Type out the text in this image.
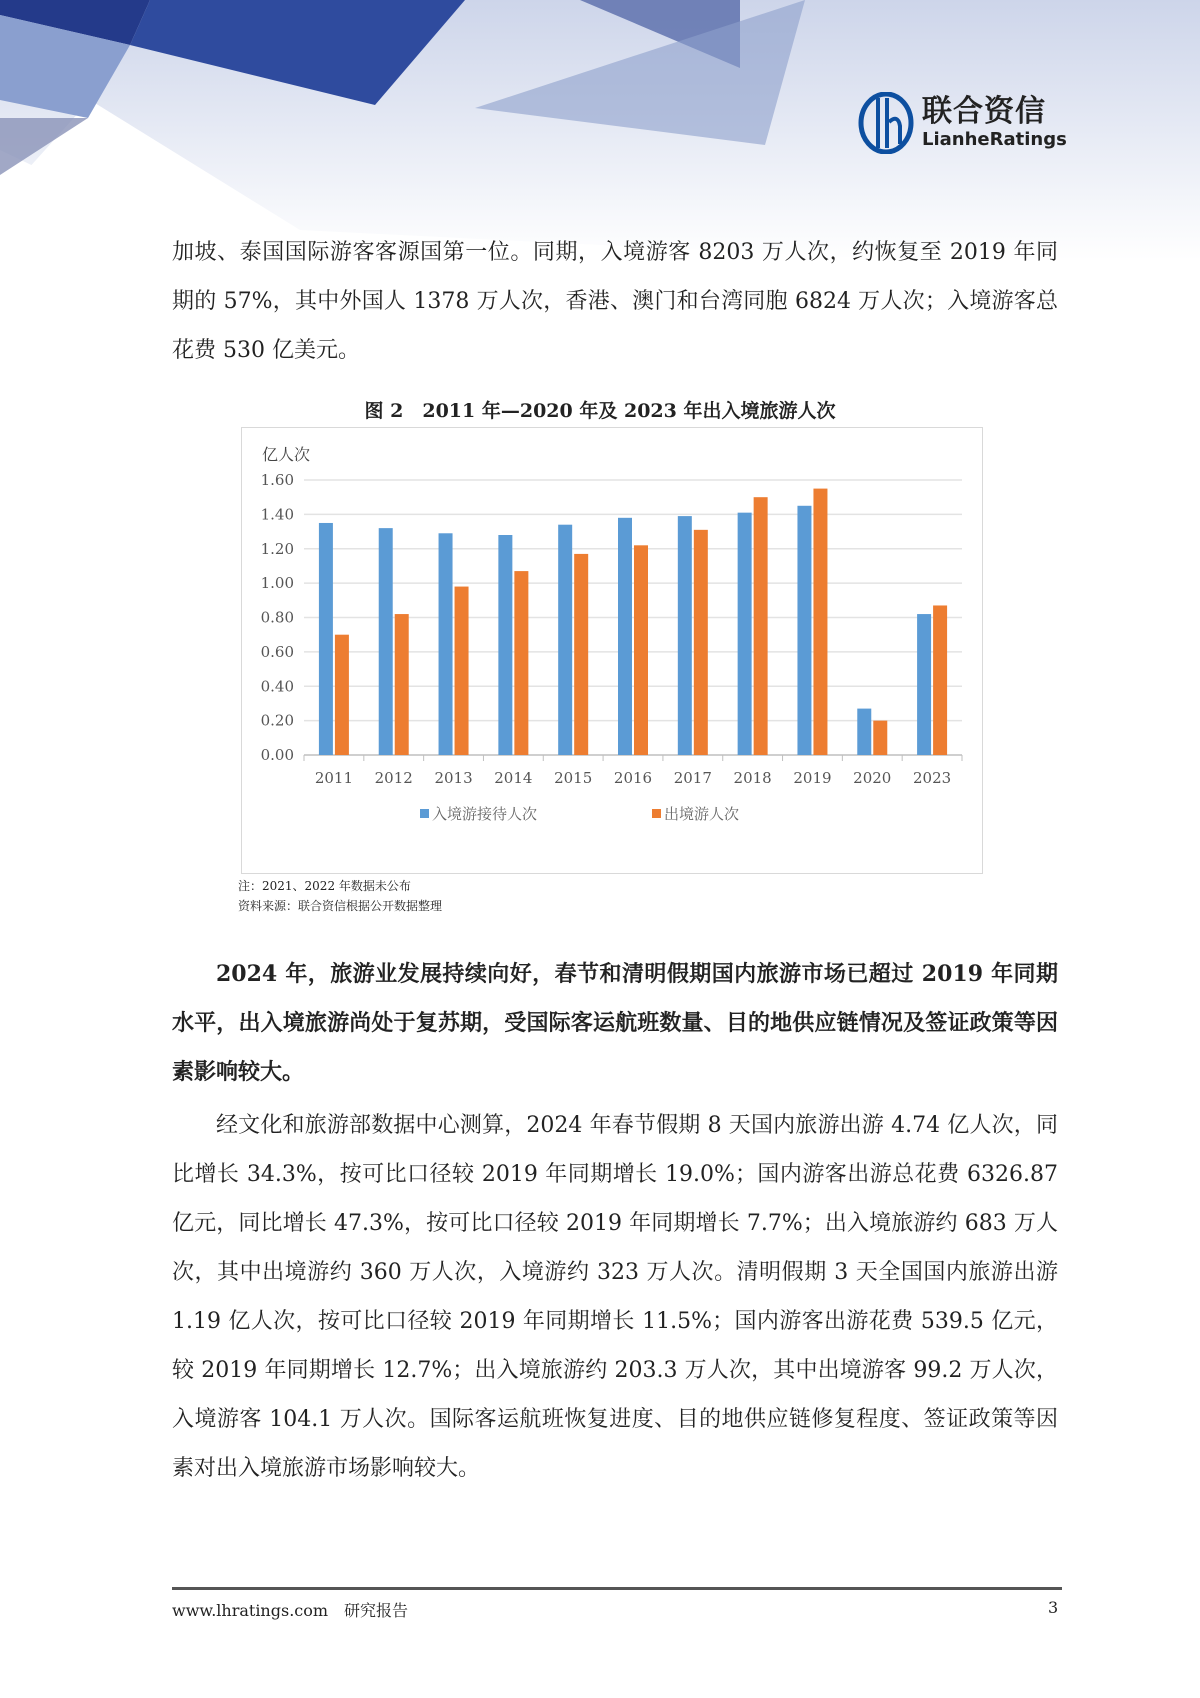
联合资信
LianheRatings
加坡、泰国国际游客客源国第一位。同期，入境游客 8203 万人次，约恢复至 2019 年同期的 57%，其中外国人 1378 万人次，香港、澳门和台湾同胞 6824 万人次；入境游客总花费 530 亿美元。
图 2　2011 年—2020 年及 2023 年出入境旅游人次
亿人次
0.00
0.20
0.40
0.60
0.80
1.00
1.20
1.40
1.60
2011 2012 2013 2014 2015 2016 2017 2018 2019 2020 2023
入境游接待人次	出境游人次
注：2021、2022 年数据未公布
资料来源：联合资信根据公开数据整理
2024 年，旅游业发展持续向好，春节和清明假期国内旅游市场已超过 2019 年同期水平，出入境旅游尚处于复苏期，受国际客运航班数量、目的地供应链情况及签证政策等因素影响较大。
经文化和旅游部数据中心测算，2024 年春节假期 8 天国内旅游出游 4.74 亿人次，同比增长 34.3%，按可比口径较 2019 年同期增长 19.0%；国内游客出游总花费 6326.87 亿元，同比增长 47.3%，按可比口径较 2019 年同期增长 7.7%；出入境旅游约 683 万人次，其中出境游约 360 万人次，入境游约 323 万人次。清明假期 3 天全国国内旅游出游 1.19 亿人次，按可比口径较 2019 年同期增长 11.5%；国内游客出游花费 539.5 亿元，较 2019 年同期增长 12.7%；出入境旅游约 203.3 万人次，其中出境游客 99.2 万人次，入境游客 104.1 万人次。国际客运航班恢复进度、目的地供应链修复程度、签证政策等因素对出入境旅游市场影响较大。
www.lhratings.com　研究报告	3
